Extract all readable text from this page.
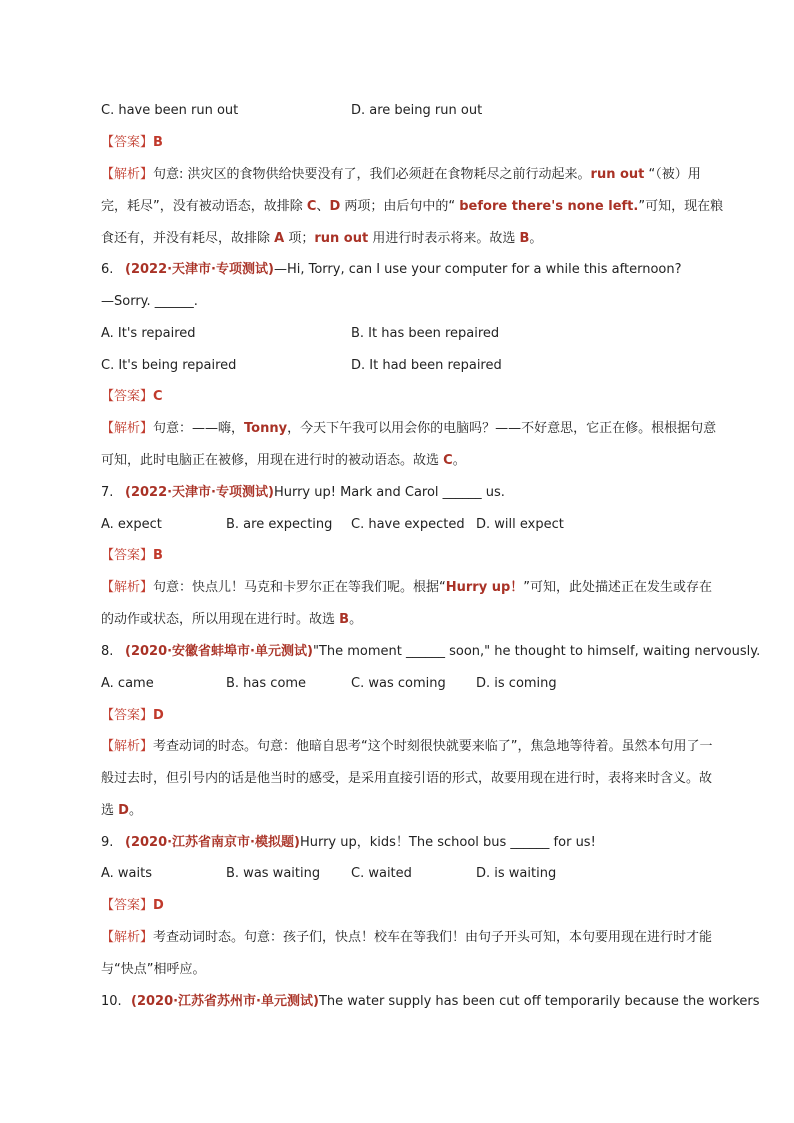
C. have been run out	D. are being run out
【答案】B
【解析】句意: 洪灾区的食物供给快要没有了，我们必须赶在食物耗尽之前行动起来。run out “（被）用完，耗尽”，没有被动语态，故排除 C、D 两项；由后句中的“ before there's none left.”可知，现在粮食还有，并没有耗尽，故排除 A 项；run out 用进行时表示将来。故选 B。
6. (2022·天津市·专项测试)—Hi, Torry, can I use your computer for a while this afternoon?
—Sorry. ______.
A. It's repaired	B. It has been repaired
C. It's being repaired	D. It had been repaired
【答案】C
【解析】句意：——嗨，Tonny，今天下午我可以用会你的电脑吗？——不好意思，它正在修。根根据句意可知，此时电脑正在被修，用现在进行时的被动语态。故选 C。
7. (2022·天津市·专项测试)Hurry up! Mark and Carol ______ us.
A. expect	B. are expecting	C. have expected D. will expect
【答案】B
【解析】句意：快点儿！马克和卡罗尔正在等我们呢。根据“Hurry up！”可知，此处描述正在发生或存在的动作或状态，所以用现在进行时。故选 B。
8. (2020·安徽省蚌埠市·单元测试)"The moment ______ soon," he thought to himself, waiting nervously.
A. came	B. has come	C. was coming	D. is coming
【答案】D
【解析】考查动词的时态。句意：他暗自思考“这个时刻很快就要来临了”，焦急地等待着。虽然本句用了一般过去时，但引号内的话是他当时的感受，是采用直接引语的形式，故要用现在进行时，表将来时含义。故选 D。
9. (2020·江苏省南京市·模拟题)Hurry up，kids！The school bus ______ for us!
A. waits	B. was waiting	C. waited	D. is waiting
【答案】D
【解析】考查动词时态。句意：孩子们，快点！校车在等我们！由句子开头可知，本句要用现在进行时才能与“快点”相呼应。
10. (2020·江苏省苏州市·单元测试)The water supply has been cut off temporarily because the workers
